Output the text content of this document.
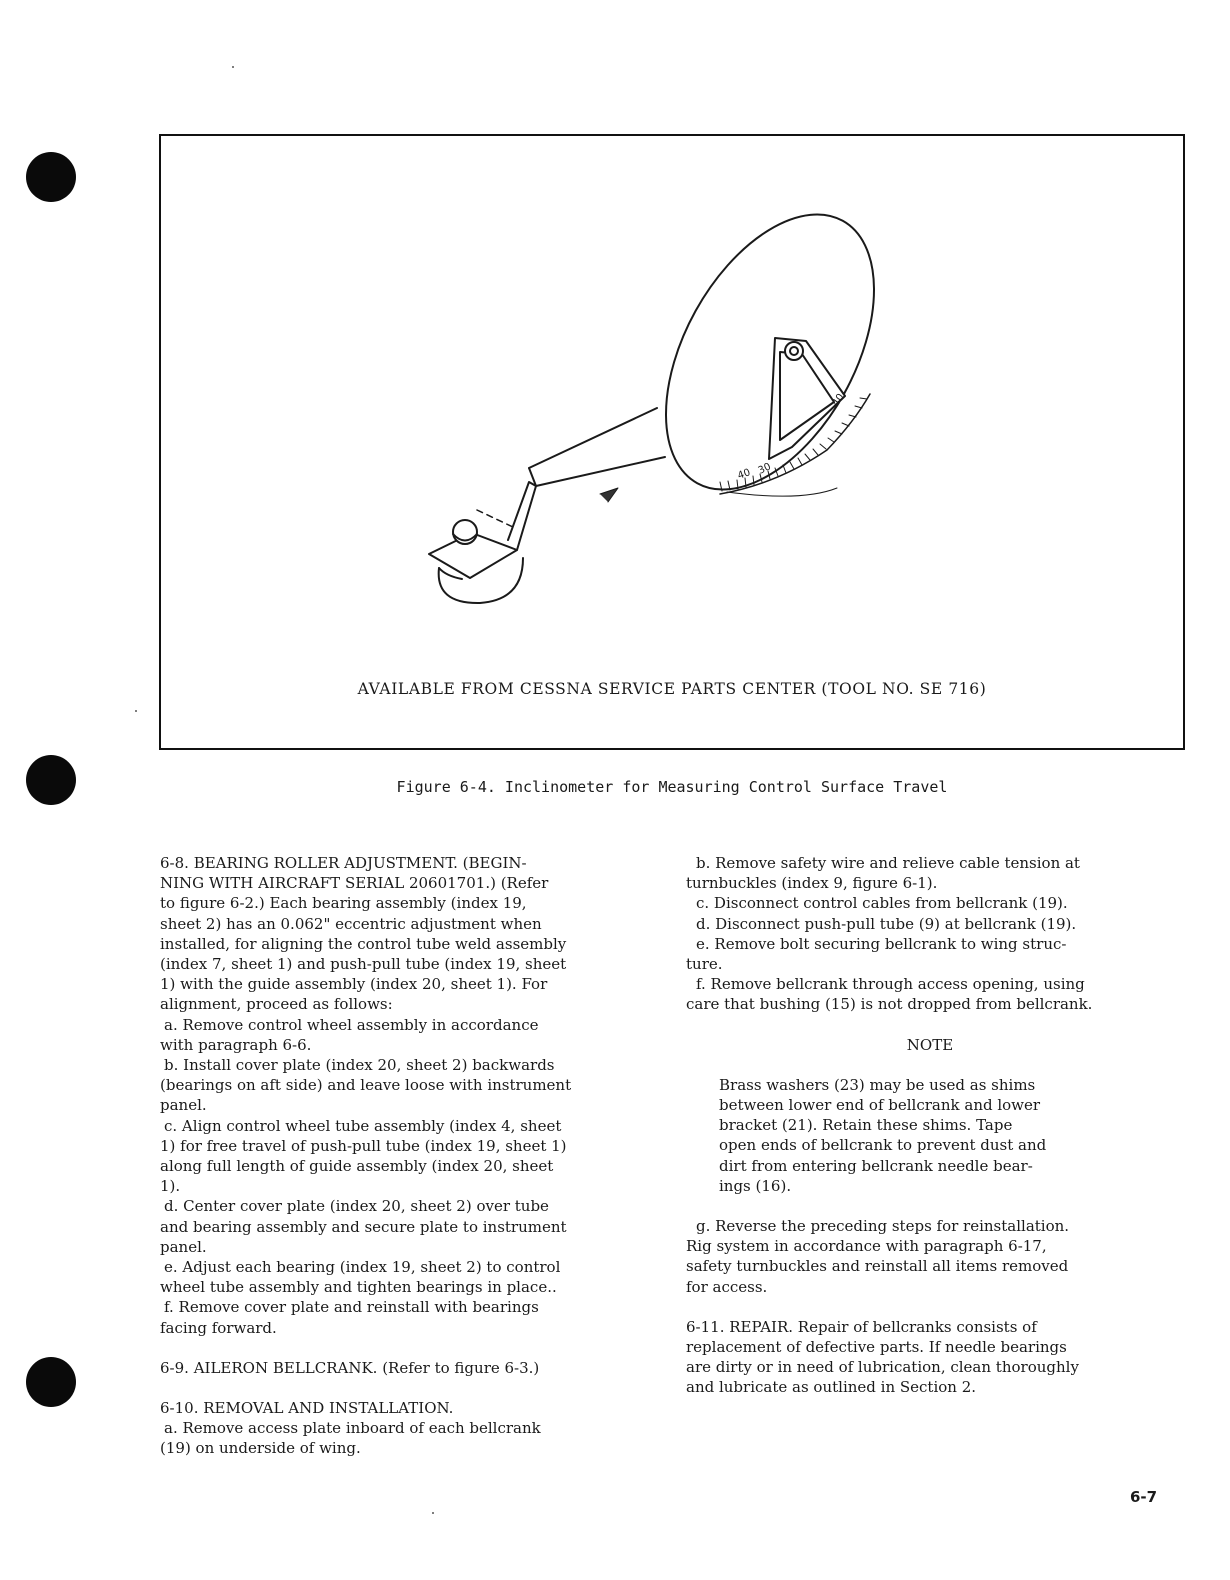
40 30
40
AVAILABLE FROM CESSNA SERVICE PARTS CENTER (TOOL NO. SE 716)
Figure 6-4. Inclinometer for Measuring Control Surface Travel

6-8. BEARING ROLLER ADJUSTMENT. (BEGIN-

NING WITH AIRCRAFT SERIAL 20601701.) (Refer

to figure 6-2.) Each bearing assembly (index 19,

sheet 2) has an 0.062" eccentric adjustment when

installed, for aligning the control tube weld assembly

(index 7, sheet 1) and push-pull tube (index 19, sheet

1) with the guide assembly (index 20, sheet 1). For

alignment, proceed as follows:

a. Remove control wheel assembly in accordance

with paragraph 6-6.

b. Install cover plate (index 20, sheet 2) backwards

(bearings on aft side) and leave loose with instrument

panel.

c. Align control wheel tube assembly (index 4, sheet

1) for free travel of push-pull tube (index 19, sheet 1)

along full length of guide assembly (index 20, sheet

1).

d. Center cover plate (index 20, sheet 2) over tube

and bearing assembly and secure plate to instrument

panel.

e. Adjust each bearing (index 19, sheet 2) to control

wheel tube assembly and tighten bearings in place..

f. Remove cover plate and reinstall with bearings

facing forward.

6-9. AILERON BELLCRANK. (Refer to figure 6-3.)

6-10. REMOVAL AND INSTALLATION.

a. Remove access plate inboard of each bellcrank

(19) on underside of wing.

b. Remove safety wire and relieve cable tension at

turnbuckles (index 9, figure 6-1).

c. Disconnect control cables from bellcrank (19).

d. Disconnect push-pull tube (9) at bellcrank (19).

e. Remove bolt securing bellcrank to wing struc-

ture.

f. Remove bellcrank through access opening, using

care that bushing (15) is not dropped from bellcrank.

NOTE

Brass washers (23) may be used as shims

between lower end of bellcrank and lower

bracket (21). Retain these shims. Tape

open ends of bellcrank to prevent dust and

dirt from entering bellcrank needle bear-

ings (16).

g. Reverse the preceding steps for reinstallation.

Rig system in accordance with paragraph 6-17,

safety turnbuckles and reinstall all items removed

for access.

6-11. REPAIR. Repair of bellcranks consists of

replacement of defective parts. If needle bearings

are dirty or in need of lubrication, clean thoroughly

and lubricate as outlined in Section 2.

6-7
